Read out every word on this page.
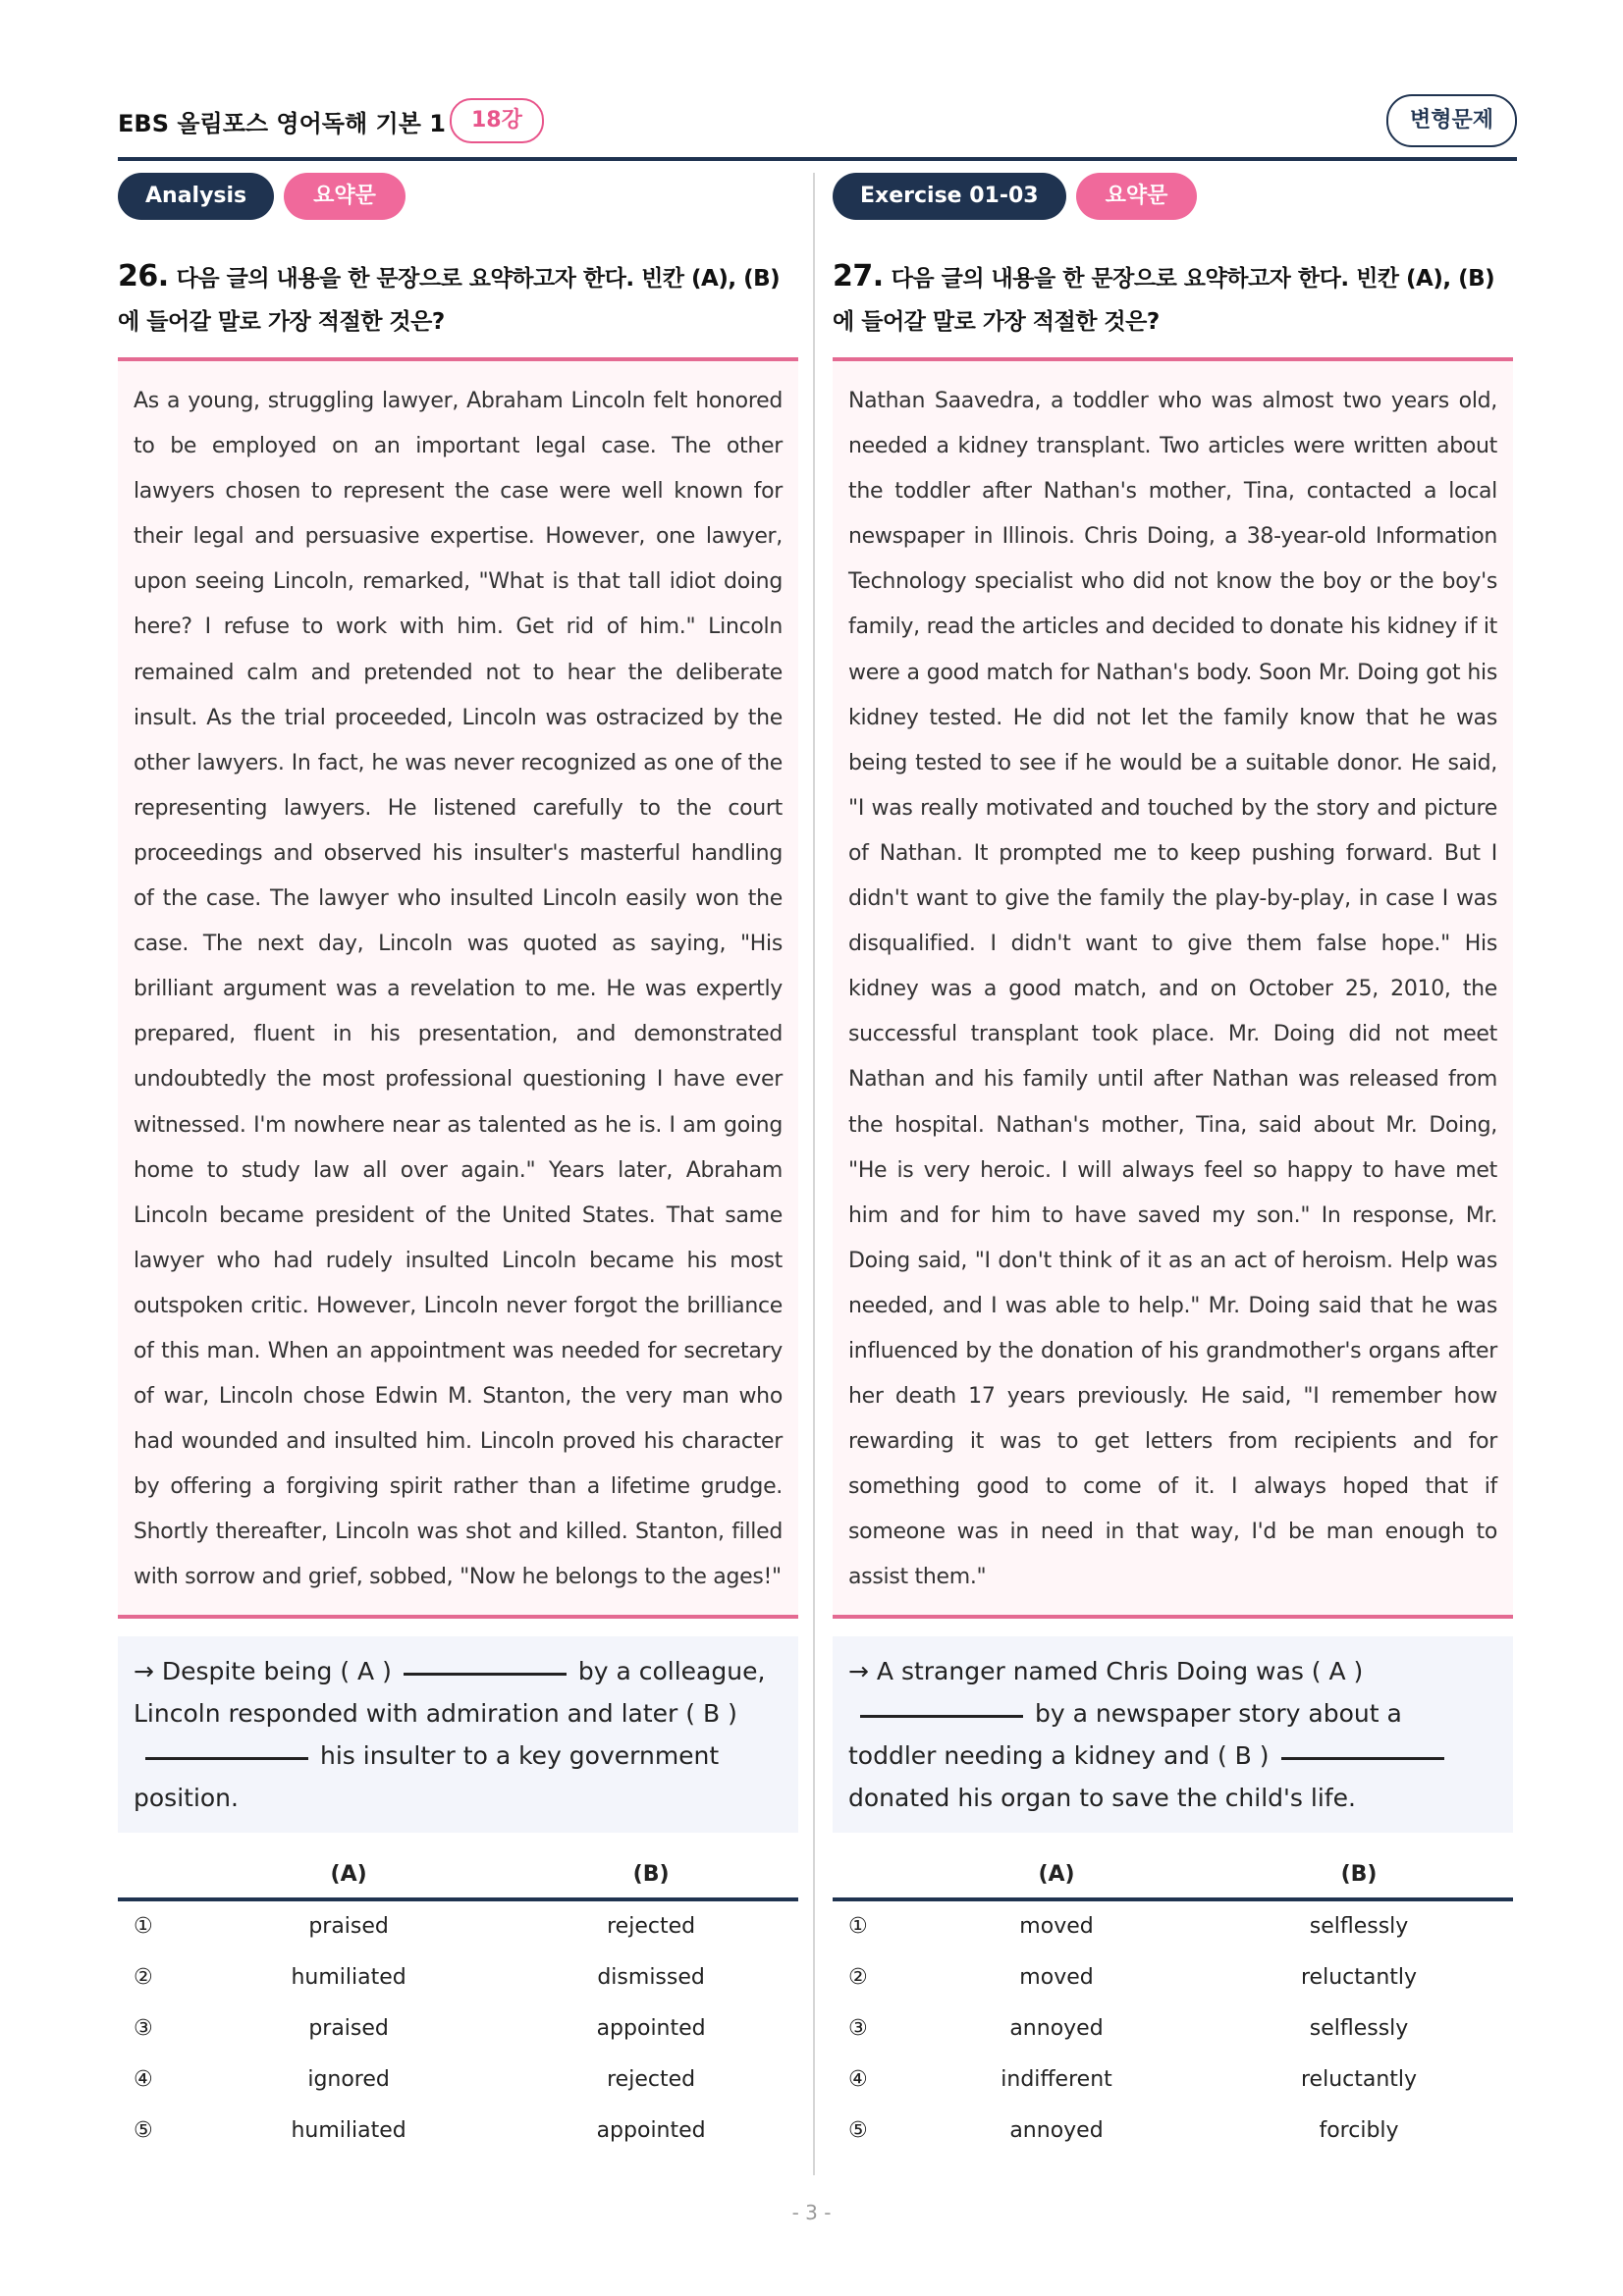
EBS 올림포스 영어독해 기본 1	18강	변형문제
Analysis	요약문
26. 다음 글의 내용을 한 문장으로 요약하고자 한다. 빈칸 (A), (B)에 들어갈 말로 가장 적절한 것은?
As a young, struggling lawyer, Abraham Lincoln felt honored to be employed on an important legal case. The other lawyers chosen to represent the case were well known for their legal and persuasive expertise. However, one lawyer, upon seeing Lincoln, remarked, "What is that tall idiot doing here? I refuse to work with him. Get rid of him." Lincoln remained calm and pretended not to hear the deliberate insult. As the trial proceeded, Lincoln was ostracized by the other lawyers. In fact, he was never recognized as one of the representing lawyers. He listened carefully to the court proceedings and observed his insulter's masterful handling of the case. The lawyer who insulted Lincoln easily won the case. The next day, Lincoln was quoted as saying, "His brilliant argument was a revelation to me. He was expertly prepared, fluent in his presentation, and demonstrated undoubtedly the most professional questioning I have ever witnessed. I'm nowhere near as talented as he is. I am going home to study law all over again." Years later, Abraham Lincoln became president of the United States. That same lawyer who had rudely insulted Lincoln became his most outspoken critic. However, Lincoln never forgot the brilliance of this man. When an appointment was needed for secretary of war, Lincoln chose Edwin M. Stanton, the very man who had wounded and insulted him. Lincoln proved his character by offering a forgiving spirit rather than a lifetime grudge. Shortly thereafter, Lincoln was shot and killed. Stanton, filled with sorrow and grief, sobbed, "Now he belongs to the ages!"
→ Despite being ( A )	by a colleague, Lincoln responded with admiration and later ( B )his insulter to a key government position.
	(A)	(B)
①	praised	rejected
②	humiliated	dismissed
③	praised	appointed
④	ignored	rejected
⑤	humiliated	appointed
Exercise 01-03	요약문
27. 다음 글의 내용을 한 문장으로 요약하고자 한다. 빈칸 (A), (B)에 들어갈 말로 가장 적절한 것은?
Nathan Saavedra, a toddler who was almost two years old, needed a kidney transplant. Two articles were written about the toddler after Nathan's mother, Tina, contacted a local newspaper in Illinois. Chris Doing, a 38-year-old Information Technology specialist who did not know the boy or the boy's family, read the articles and decided to donate his kidney if it were a good match for Nathan's body. Soon Mr. Doing got his kidney tested. He did not let the family know that he was being tested to see if he would be a suitable donor. He said, "I was really motivated and touched by the story and picture of Nathan. It prompted me to keep pushing forward. But I didn't want to give the family the play-by-play, in case I was disqualified. I didn't want to give them false hope." His kidney was a good match, and on October 25, 2010, the successful transplant took place. Mr. Doing did not meet Nathan and his family until after Nathan was released from the hospital. Nathan's mother, Tina, said about Mr. Doing, "He is very heroic. I will always feel so happy to have met him and for him to have saved my son." In response, Mr. Doing said, "I don't think of it as an act of heroism. Help was needed, and I was able to help." Mr. Doing said that he was influenced by the donation of his grandmother's organs after her death 17 years previously. He said, "I remember how rewarding it was to get letters from recipients and for something good to come of it. I always hoped that if someone was in need in that way, I'd be man enough to assist them."
→ A stranger named Chris Doing was ( A )by a newspaper story about a toddler needing a kidney and ( B )donated his organ to save the child's life.
	(A)	(B)
①	moved	selflessly
②	moved	reluctantly
③	annoyed	selflessly
④	indifferent	reluctantly
⑤	annoyed	forcibly
- 3 -
